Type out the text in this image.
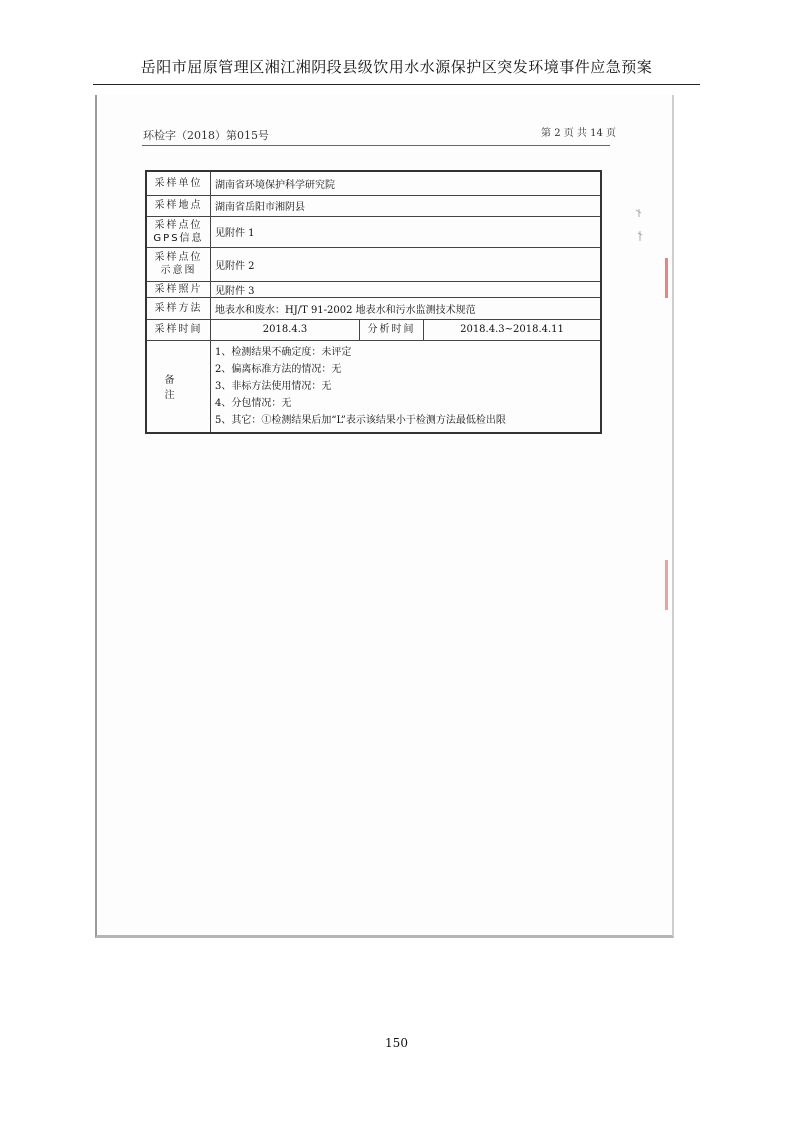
岳阳市屈原管理区湘江湘阴段县级饮用水水源保护区突发环境事件应急预案
环检字（2018）第015号	第 2 页 共 14 页
采样单位	湖南省环境保护科学研究院		
采样地点	湖南省岳阳市湘阴县		
采样点位GPS信息	见附件 1		
采样点位示意图	见附件 2		
采样照片	见附件 3		
采样方法	地表水和废水：HJ/T 91-2002 地表水和污水监测技术规范		
采样时间	2018.4.3	分析时间	2018.4.3~2018.4.11
备注	1、检测结果不确定度：未评定
2、偏离标准方法的情况：无
3、非标方法使用情况：无
4、分包情况：无
5、其它：①检测结果后加“L”表示该结果小于检测方法最低检出限		
150
